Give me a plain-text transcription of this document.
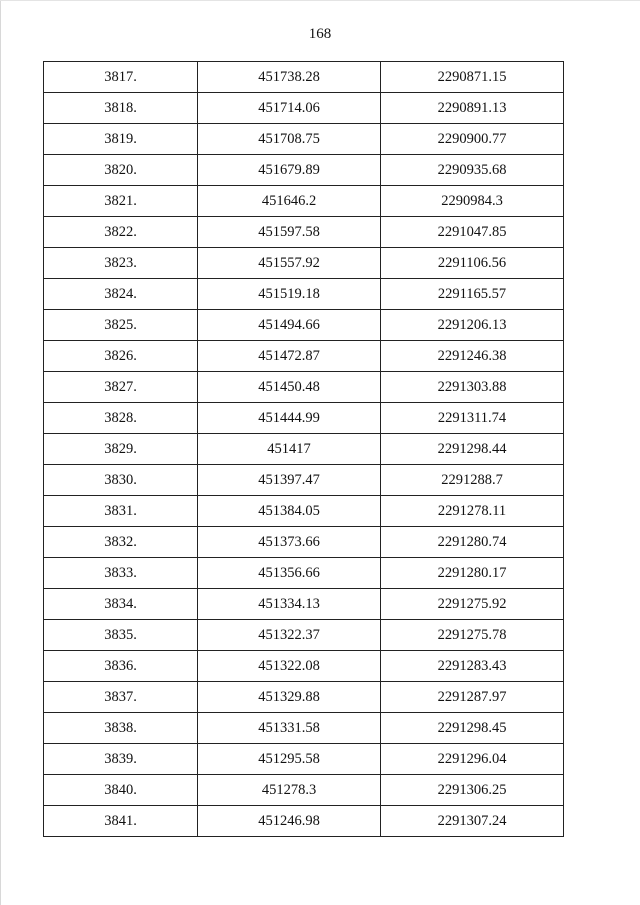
168
3817.	451738.28	2290871.15
3818.	451714.06	2290891.13
3819.	451708.75	2290900.77
3820.	451679.89	2290935.68
3821.	451646.2	2290984.3
3822.	451597.58	2291047.85
3823.	451557.92	2291106.56
3824.	451519.18	2291165.57
3825.	451494.66	2291206.13
3826.	451472.87	2291246.38
3827.	451450.48	2291303.88
3828.	451444.99	2291311.74
3829.	451417	2291298.44
3830.	451397.47	2291288.7
3831.	451384.05	2291278.11
3832.	451373.66	2291280.74
3833.	451356.66	2291280.17
3834.	451334.13	2291275.92
3835.	451322.37	2291275.78
3836.	451322.08	2291283.43
3837.	451329.88	2291287.97
3838.	451331.58	2291298.45
3839.	451295.58	2291296.04
3840.	451278.3	2291306.25
3841.	451246.98	2291307.24
